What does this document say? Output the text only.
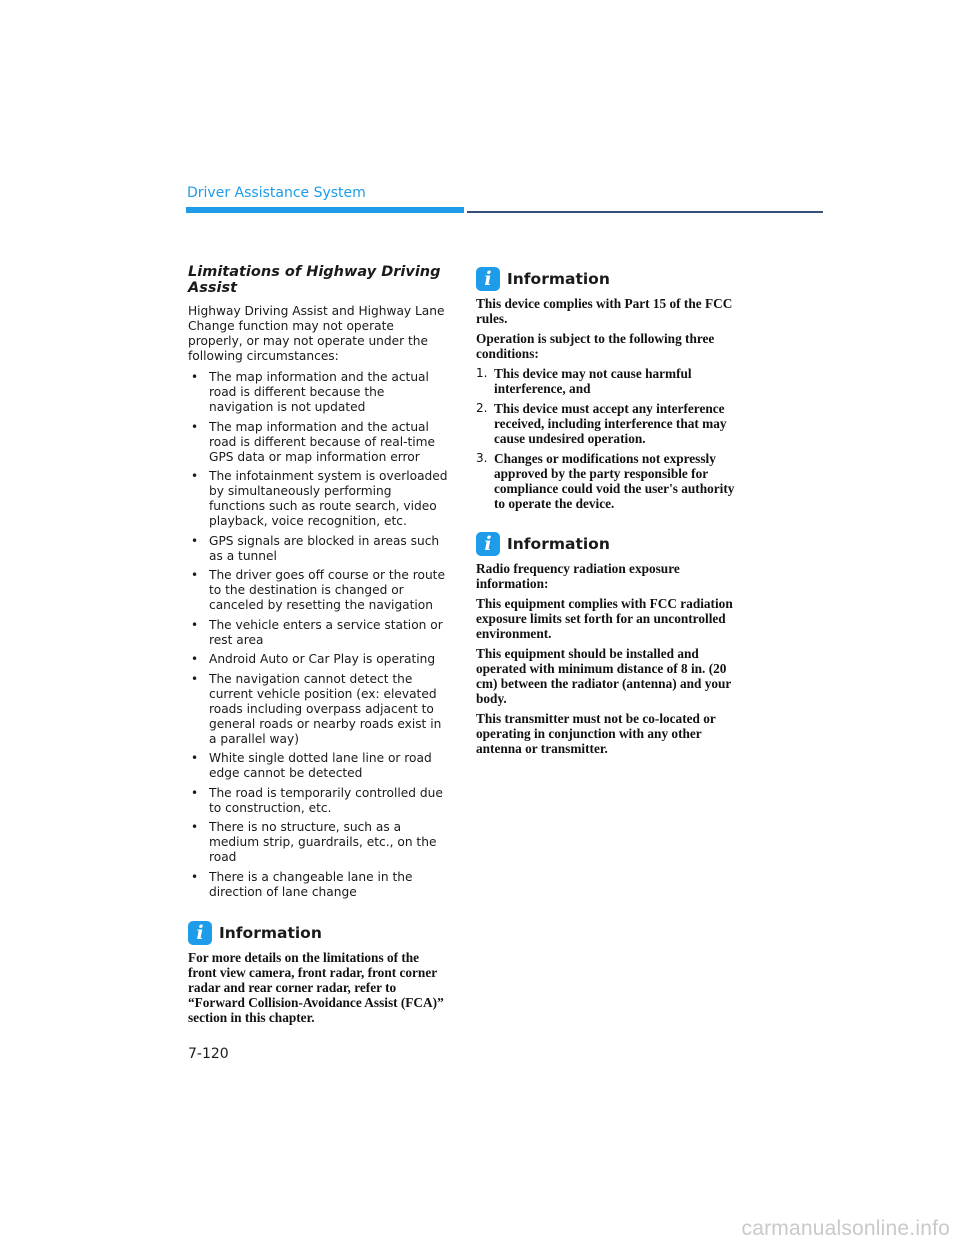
Driver Assistance System
Limitations of Highway Driving Assist

Highway Driving Assist and Highway Lane Change function may not operate properly, or may not operate under the following circumstances:

• The map information and the actual road is different because the navigation is not updated
• The map information and the actual road is different because of real-time GPS data or map information error
• The infotainment system is overloaded by simultaneously performing functions such as route search, video playback, voice recognition, etc.
• GPS signals are blocked in areas such as a tunnel
• The driver goes off course or the route to the destination is changed or canceled by resetting the navigation
• The vehicle enters a service station or rest area
• Android Auto or Car Play is operating
• The navigation cannot detect the current vehicle position (ex: elevated roads including overpass adjacent to general roads or nearby roads exist in a parallel way)
• White single dotted lane line or road edge cannot be detected
• The road is temporarily controlled due to construction, etc.
• There is no structure, such as a medium strip, guardrails, etc., on the road
• There is a changeable lane in the direction of lane change
i Information

For more details on the limitations of the front view camera, front radar, front corner radar and rear corner radar, refer to “Forward Collision-Avoidance Assist (FCA)” section in this chapter.

i Information

This device complies with Part 15 of the FCC rules.

Operation is subject to the following three conditions:

1. This device may not cause harmful interference, and
2. This device must accept any interference received, including interference that may cause undesired operation.
3. Changes or modifications not expressly approved by the party responsible for compliance could void the user's authority to operate the device.
i Information

Radio frequency radiation exposure information:

This equipment complies with FCC radiation exposure limits set forth for an uncontrolled environment.

This equipment should be installed and operated with minimum distance of 8 in. (20 cm) between the radiator (antenna) and your body.

This transmitter must not be co-located or operating in conjunction with any other antenna or transmitter.

7-120
carmanualsonline.info
